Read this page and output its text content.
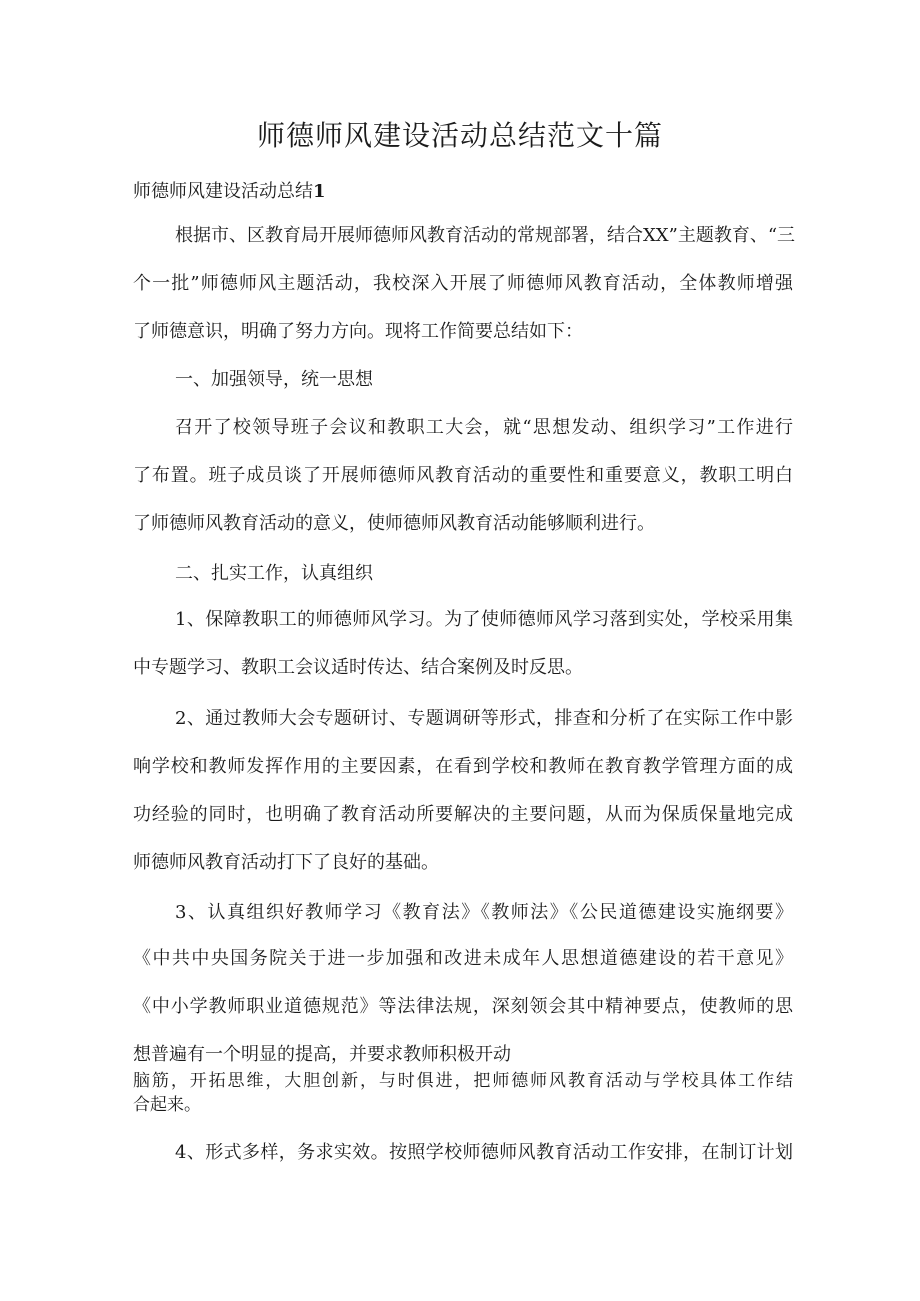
师德师风建设活动总结范文十篇

师德师风建设活动总结1

根据市、区教育局开展师德师风教育活动的常规部署，结合XX”主题教育、“三

个一批”师德师风主题活动，我校深入开展了师德师风教育活动，全体教师增强

了师德意识，明确了努力方向。现将工作简要总结如下：

一、加强领导，统一思想

召开了校领导班子会议和教职工大会，就“思想发动、组织学习”工作进行

了布置。班子成员谈了开展师德师风教育活动的重要性和重要意义，教职工明白

了师德师风教育活动的意义，使师德师风教育活动能够顺利进行。

二、扎实工作，认真组织

1、保障教职工的师德师风学习。为了使师德师风学习落到实处，学校采用集

中专题学习、教职工会议适时传达、结合案例及时反思。

2、通过教师大会专题研讨、专题调研等形式，排查和分析了在实际工作中影

响学校和教师发挥作用的主要因素，在看到学校和教师在教育教学管理方面的成

功经验的同时，也明确了教育活动所要解决的主要问题，从而为保质保量地完成

师德师风教育活动打下了良好的基础。

3、认真组织好教师学习《教育法》《教师法》《公民道德建设实施纲要》

《中共中央国务院关于进一步加强和改进未成年人思想道德建设的若干意见》

《中小学教师职业道德规范》等法律法规，深刻领会其中精神要点，使教师的思

想普遍有一个明显的提高，并要求教师积极开动

脑筋，开拓思维，大胆创新，与时俱进，把师德师风教育活动与学校具体工作结

合起来。

4、形式多样，务求实效。按照学校师德师风教育活动工作安排，在制订计划
